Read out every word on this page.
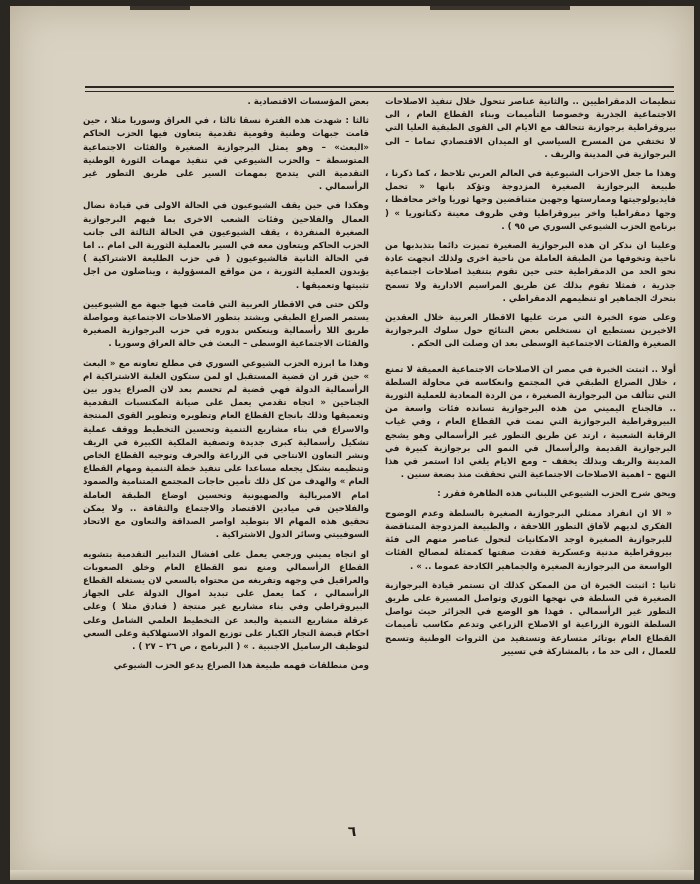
تنظيمات الدمقراطيين .. والثانية عناصر تتحول خلال تنفيذ الاصلاحات الاجتماعية الجذرية وخصوصا التأميمات وبناء القطاع العام ، الى بيروقراطية برجوازية تتحالف مع الايام الى القوى الطبقية العليا التي لا تختفي من المسرح السياسي او الميدان الاقتصادي تماما – الى البرجوازية في المدينة والريف .

وهذا ما جعل الاحزاب الشيوعية في العالم العربي تلاحظ ، كما ذكرنا ، طبيعة البرجوازية الصغيرة المزدوجة وتؤكد بانها « تحمل فايديولوجيتها وممارستها وجهين متناقضين وجها ثوريا واخر محافظا ، وجها دمقراطيا واخر بيروقراطيا وفي ظروف معينة دكتاتوريا » ( برنامج الحزب الشيوعي السوري ص ٩٥ ) .

وعلينا ان نذكر ان هذه البرجوازية الصغيرة تميزت دائما بتذبذبها من ناحية وتخوفها من الطبقة العاملة من ناحية اخرى ولذلك انجهت عادة نحو الحد من الدمقراطية حتى حين تقوم بتنفيذ اصلاحات اجتماعية جذرية ، فمثلا تقوم بذلك عن طريق المراسيم الادارية ولا تسمح بتحرك الجماهير او تنظيمهم الدمقراطي .

وعلى ضوء الخبرة التي مرت عليها الاقطار العربية خلال العقدين الاخيرين نستطيع ان نستخلص بعض النتائج حول سلوك البرجوازية الصغيرة والفئات الاجتماعية الوسطى بعد ان وصلت الى الحكم .

أولا .. اثبتت الخبرة في مصر ان الاصلاحات الاجتماعية العميقة لا تمنع ، خلال الصراع الطبقي في المجتمع وانعكاسه في محاولة السلطة التي تتألف من البرجوازية الصغيرة ، من الردة المعادية للعملية الثورية .. فالجناح اليميني من هذه البرجوازية تسانده فئات واسعة من البيروقراطية البرجوازية التي نمت في القطاع العام ، وفي غياب الرقابة الشعبية ، ارتد عن طريق التطور غير الرأسمالي وهو يشجع البرجوازية القديمة والرأسمال في النمو الى برجوازية كبيرة في المدينة والريف وبذلك يخفف – ومع الايام يلغي اذا استمر في هذا النهج – اهمية الاصلاحات الاجتماعية التي تحققت منذ بضعة سنين .

ويحق شرح الحزب الشيوعي اللبناني هذه الظاهرة فقرر :

« الا ان انفراد ممثلي البرجوازية الصغيرة بالسلطة وعدم الوضوح الفكري لديهم لآفاق التطور اللاحقة ، والطبيعة المزدوجة المتناقضة للبرجوازية الصغيرة اوجد الامكانيات لتحول عناصر منهم الى فئة بيروقراطية مدنية وعسكرية فقدت صفتها كممثلة لمصالح الفئات الواسعة من البرجوازية الصغيرة والجماهير الكادحة عموما .. » .

ثانيا : اثبتت الخبرة ان من الممكن كذلك ان تستمر قيادة البرجوازية الصغيرة في السلطة في نهجها الثوري وتواصل المسيرة على طريق التطور غير الرأسمالي . فهذا هو الوضع في الجزائر حيث تواصل السلطة الثورة الزراعية او الاصلاح الزراعي وتدعم مكاسب تأميمات القطاع العام بوتائر متسارعة وتستفيد من الثروات الوطنية وتسمح للعمال ، الى حد ما ، بالمشاركة في تسيير

بعض المؤسسات الاقتصادية .

ثالثا : شهدت هذه الفترة نسقا ثالثا ، في العراق وسوريا مثلا ، حين قامت جبهات وطنية وقومية تقدمية يتعاون فيها الحزب الحاكم «البعث» – وهو يمثل البرجوازية الصغيرة والفئات الاجتماعية المتوسطة – والحزب الشيوعي في تنفيذ مهمات الثورة الوطنية التقدمية التي يتدمج بمهمات السير على طريق التطور غير الرأسمالي .

وهكذا في حين يقف الشيوعيون في الحالة الاولى في قيادة نضال العمال والفلاحين وفئات الشعب الاخرى بما فيهم البرجوازية الصغيرة المنفردة ، يقف الشيوعيون في الحالة الثالثة الى جانب الحزب الحاكم ويتعاون معه في السير بالعملية الثورية الى امام .. اما في الحالة الثانية فالشيوعيون ( في حزب الطليعة الاشتراكية ) يؤيدون العملية الثورية ، من مواقع المسؤولية ، ويناضلون من اجل تثبيتها وتعميقها .

ولكن حتى في الاقطار العربية التي قامت فيها جبهة مع الشيوعيين يستمر الصراع الطبقي ويشتد بتطور الاصلاحات الاجتماعية ومواصلة طريق اللا رأسمالية وينعكس بدوره في حزب البرجوازية الصغيرة والفئات الاجتماعية الوسطى – البعث في حالة العراق وسوريا .

وهذا ما ابرزه الحزب الشيوعي السوري في مطلع تعاونه مع « البعث » حين قرر ان قضية المستقبل او لمن ستكون الغلبة الاشتراكية ام الرأسمالية الدولة فهي قضية لم تحسم بعد لان الصراع يدور بين الجناحين « اتجاه تقدمي يعمل على صيانة المكتسبات التقدمية وتعميقها وذلك بانجاح القطاع العام وتطويره وتطوير القوى المنتجة والاسراع في بناء مشاريع التنمية وتحسين التخطيط ووقف عملية تشكيل رأسمالية كبرى جديدة وتصفية الملكية الكبيرة في الريف ونشر التعاون الانتاجي في الزراعة والحرف وتوجيه القطاع الخاص وتنظيمه بشكل يجعله مساعدا على تنفيذ خطة التنمية ومهام القطاع العام » والهدف من كل ذلك تأمين حاجات المجتمع المتنامية والصمود امام الامبريالية والصهيونية وتحسين اوضاع الطبقة العاملة والفلاحين في ميادين الاقتصاد والاجتماع والثقافة .. ولا يمكن تحقيق هذه المهام الا بتوطيد اواصر الصداقة والتعاون مع الاتحاد السوفييتي وسائر الدول الاشتراكية .

او اتجاه يميني ورجعي يعمل على افشال التدابير التقدمية بتشويه القطاع الرأسمالي ومنع نمو القطاع العام وخلق الصعوبات والعراقيل في وجهه وتفريغه من محتواه بالسعي لان يستغله القطاع الرأسمالي ، كما يعمل على تبديد اموال الدولة على الجهاز البيروقراطي وفي بناء مشاريع غير منتجة ( فنادق مثلا ) وعلى عرقلة مشاريع التنمية والبعد عن التخطيط العلمي الشامل وعلى احكام قبضة التجار الكبار على توزيع المواد الاستهلاكية وعلى السعي لتوظيف الرساميل الاجنبية . » ( البرنامج ، ص ٢٦ – ٢٧ ) .

ومن منطلقات فهمه طبيعة هذا الصراع يدعو الحزب الشيوعي

٦
